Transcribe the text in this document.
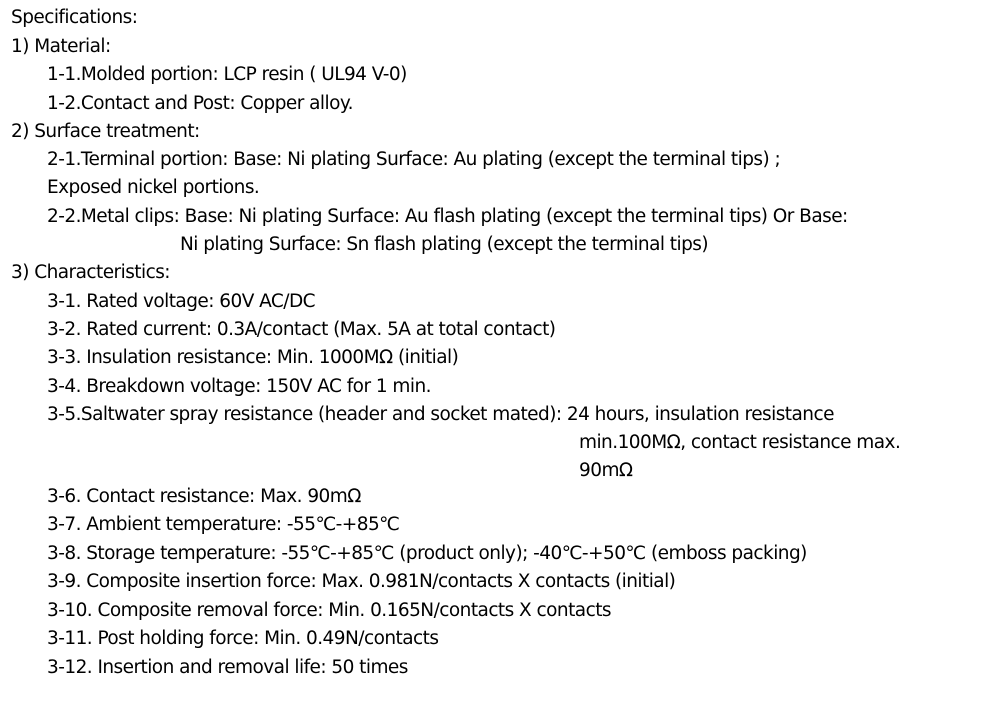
Specifications:
1) Material:
1-1.Molded portion: LCP resin ( UL94 V-0)
1-2.Contact and Post: Copper alloy.
2) Surface treatment:
2-1.Terminal portion: Base: Ni plating Surface: Au plating (except the terminal tips) ;
Exposed nickel portions.
2-2.Metal clips: Base: Ni plating Surface: Au flash plating (except the terminal tips) Or Base:
Ni plating Surface: Sn flash plating (except the terminal tips)
3) Characteristics:
3-1. Rated voltage: 60V AC/DC
3-2. Rated current: 0.3A/contact (Max. 5A at total contact)
3-3. Insulation resistance: Min. 1000MΩ (initial)
3-4. Breakdown voltage: 150V AC for 1 min.
3-5.Saltwater spray resistance (header and socket mated): 24 hours, insulation resistance
min.100MΩ, contact resistance max.
90mΩ
3-6. Contact resistance: Max. 90mΩ
3-7. Ambient temperature: -55℃-+85℃
3-8. Storage temperature: -55℃-+85℃ (product only); -40℃-+50℃ (emboss packing)
3-9. Composite insertion force: Max. 0.981N/contacts X contacts (initial)
3-10. Composite removal force: Min. 0.165N/contacts X contacts
3-11. Post holding force: Min. 0.49N/contacts
3-12. Insertion and removal life: 50 times
